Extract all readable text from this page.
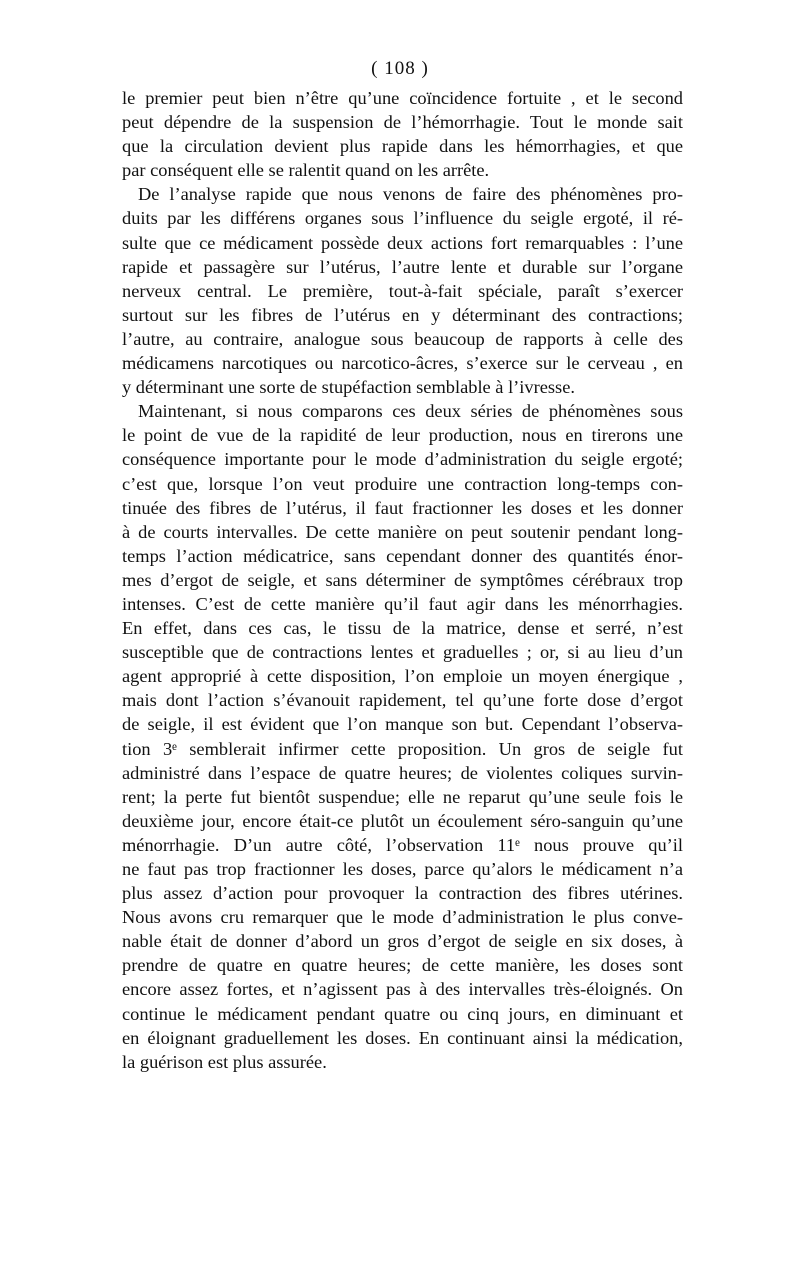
( 108 )
le premier peut bien n’être qu’une coïncidence fortuite , et le second
peut dépendre de la suspension de l’hémorrhagie. Tout le monde sait
que la circulation devient plus rapide dans les hémorrhagies, et que
par conséquent elle se ralentit quand on les arrête.
De l’analyse rapide que nous venons de faire des phénomènes pro-
duits par les différens organes sous l’influence du seigle ergoté, il ré-
sulte que ce médicament possède deux actions fort remarquables : l’une
rapide et passagère sur l’utérus, l’autre lente et durable sur l’organe
nerveux central. Le première, tout-à-fait spéciale, paraît s’exercer
surtout sur les fibres de l’utérus en y déterminant des contractions;
l’autre, au contraire, analogue sous beaucoup de rapports à celle des
médicamens narcotiques ou narcotico-âcres, s’exerce sur le cerveau , en
y déterminant une sorte de stupéfaction semblable à l’ivresse.
Maintenant, si nous comparons ces deux séries de phénomènes sous
le point de vue de la rapidité de leur production, nous en tirerons une
conséquence importante pour le mode d’administration du seigle ergoté;
c’est que, lorsque l’on veut produire une contraction long-temps con-
tinuée des fibres de l’utérus, il faut fractionner les doses et les donner
à de courts intervalles. De cette manière on peut soutenir pendant long-
temps l’action médicatrice, sans cependant donner des quantités énor-
mes d’ergot de seigle, et sans déterminer de symptômes cérébraux trop
intenses. C’est de cette manière qu’il faut agir dans les ménorrhagies.
En effet, dans ces cas, le tissu de la matrice, dense et serré, n’est
susceptible que de contractions lentes et graduelles ; or, si au lieu d’un
agent approprié à cette disposition, l’on emploie un moyen énergique ,
mais dont l’action s’évanouit rapidement, tel qu’une forte dose d’ergot
de seigle, il est évident que l’on manque son but. Cependant l’observa-
tion 3ᵉ semblerait infirmer cette proposition. Un gros de seigle fut
administré dans l’espace de quatre heures; de violentes coliques survin-
rent; la perte fut bientôt suspendue; elle ne reparut qu’une seule fois le
deuxième jour, encore était-ce plutôt un écoulement séro-sanguin qu’une
ménorrhagie. D’un autre côté, l’observation 11ᵉ nous prouve qu’il
ne faut pas trop fractionner les doses, parce qu’alors le médicament n’a
plus assez d’action pour provoquer la contraction des fibres utérines.
Nous avons cru remarquer que le mode d’administration le plus conve-
nable était de donner d’abord un gros d’ergot de seigle en six doses, à
prendre de quatre en quatre heures; de cette manière, les doses sont
encore assez fortes, et n’agissent pas à des intervalles très-éloignés. On
continue le médicament pendant quatre ou cinq jours, en diminuant et
en éloignant graduellement les doses. En continuant ainsi la médication,
la guérison est plus assurée.
